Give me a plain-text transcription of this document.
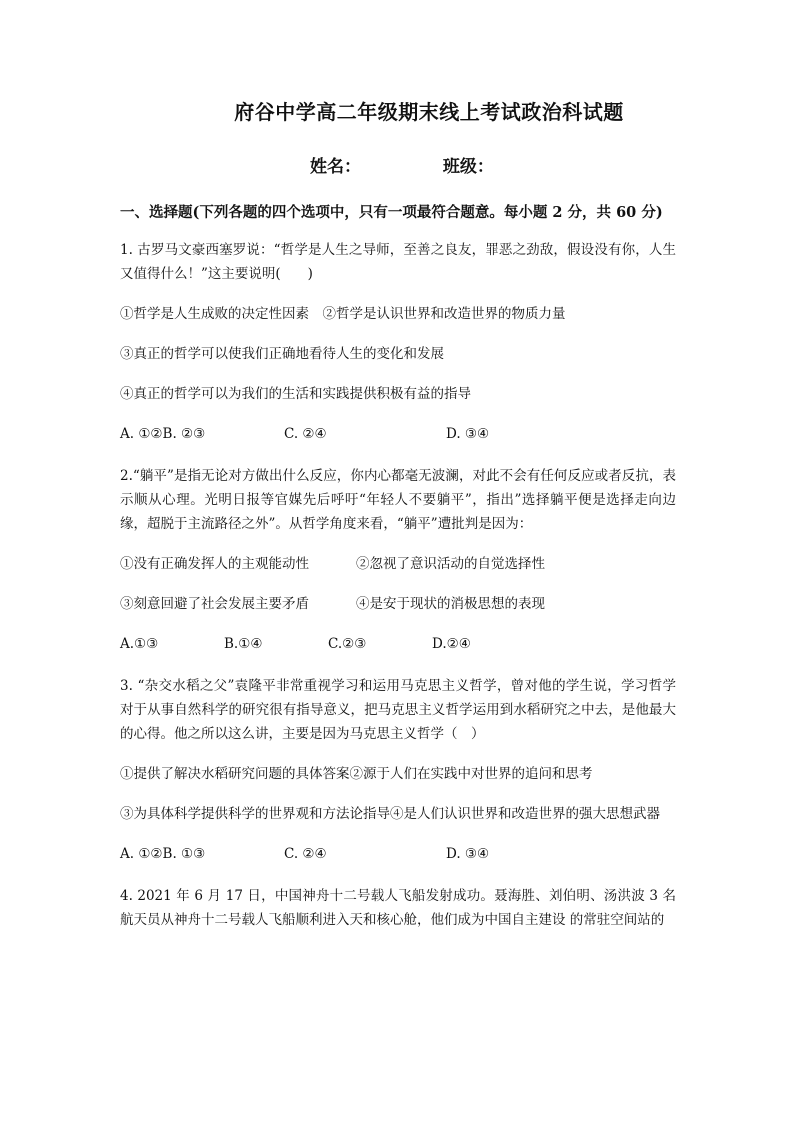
府谷中学高二年级期末线上考试政治科试题
姓名：	班级：
一、选择题(下列各题的四个选项中，只有一项最符合题意。每小题 2 分，共 60 分)
1. 古罗马文豪西塞罗说：“哲学是人生之导师，至善之良友，罪恶之劲敌，假设没有你，人生又值得什么！”这主要说明(　　)
①哲学是人生成败的决定性因素　②哲学是认识世界和改造世界的物质力量
③真正的哲学可以使我们正确地看待人生的变化和发展
④真正的哲学可以为我们的生活和实践提供积极有益的指导
A. ①②B. ②③	C. ②④	D. ③④
2.“躺平”是指无论对方做出什么反应，你内心都毫无波澜，对此不会有任何反应或者反抗，表示顺从心理。光明日报等官媒先后呼吁“年轻人不要躺平”，指出”选择躺平便是选择走向边缘，超脱于主流路径之外”。从哲学角度来看，“躺平”遭批判是因为：
①没有正确发挥人的主观能动性	②忽视了意识活动的自觉选择性
③刻意回避了社会发展主要矛盾	④是安于现状的消极思想的表现
A.①③	B.①④	C.②③	D.②④
3. “杂交水稻之父”袁隆平非常重视学习和运用马克思主义哲学，曾对他的学生说，学习哲学对于从事自然科学的研究很有指导意义，把马克思主义哲学运用到水稻研究之中去，是他最大的心得。他之所以这么讲，主要是因为马克思主义哲学（　）
①提供了解决水稻研究问题的具体答案②源于人们在实践中对世界的追问和思考
③为具体科学提供科学的世界观和方法论指导④是人们认识世界和改造世界的强大思想武器
A. ①②B. ①③	C. ②④	D. ③④
4. 2021 年 6 月 17 日，中国神舟十二号载人飞船发射成功。聂海胜、刘伯明、汤洪波 3 名航天员从神舟十二号载人飞船顺利进入天和核心舱，他们成为中国自主建设 的常驻空间站的
